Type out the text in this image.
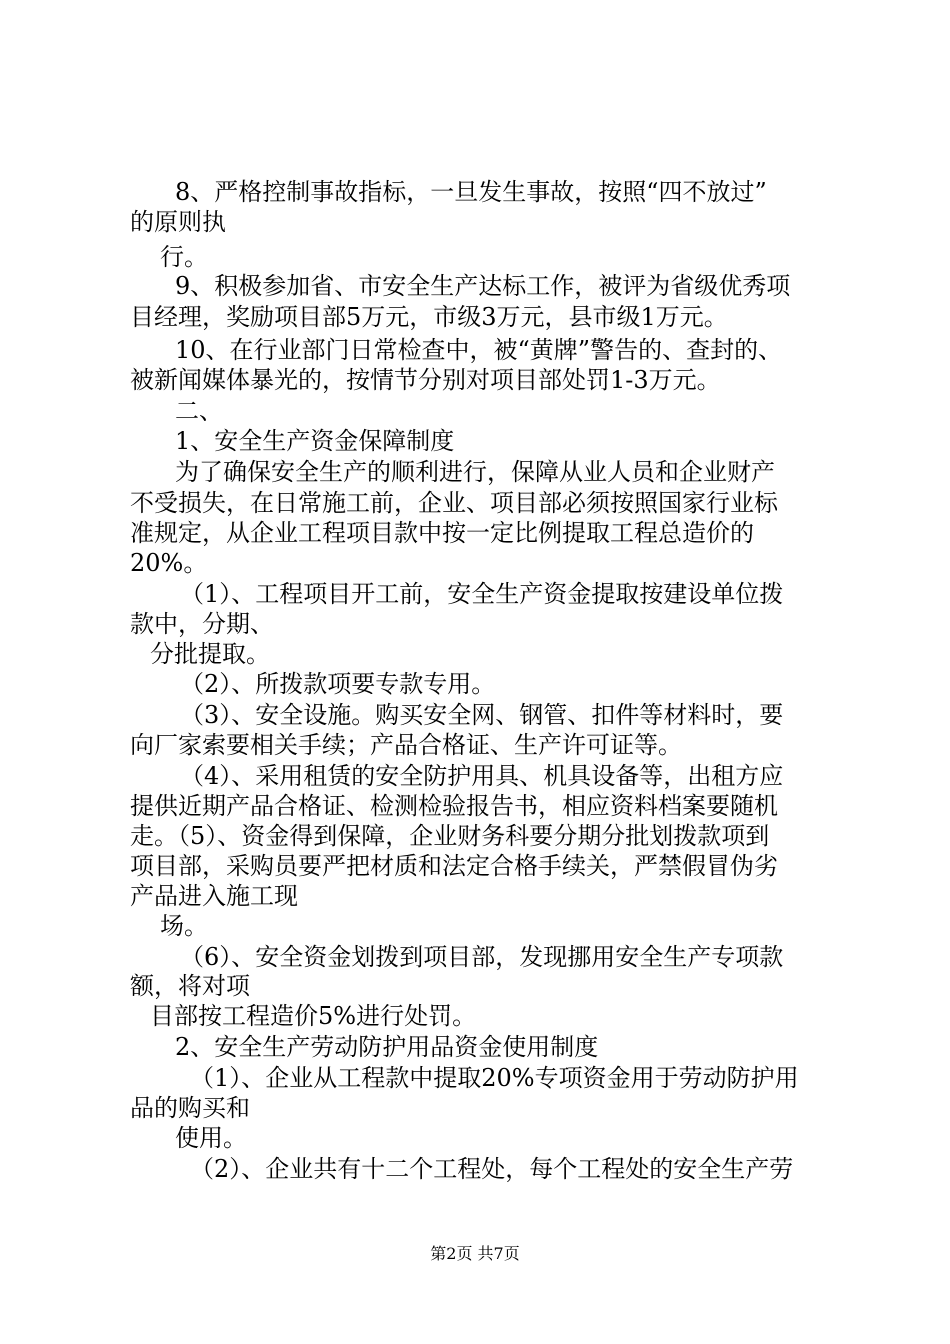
8、严格控制事故指标，一旦发生事故，按照“四不放过”
的原则执
行。
9、积极参加省、市安全生产达标工作，被评为省级优秀项
目经理，奖励项目部5万元，市级3万元，县市级1万元。
10、在行业部门日常检查中，被“黄牌”警告的、查封的、
被新闻媒体暴光的，按情节分别对项目部处罚1-3万元。
二、
1、安全生产资金保障制度
为了确保安全生产的顺利进行，保障从业人员和企业财产
不受损失，在日常施工前，企业、项目部必须按照国家行业标
准规定，从企业工程项目款中按一定比例提取工程总造价的
20%。
（1）、工程项目开工前，安全生产资金提取按建设单位拨
款中，分期、
分批提取。
（2）、所拨款项要专款专用。
（3）、安全设施。购买安全网、钢管、扣件等材料时，要
向厂家索要相关手续；产品合格证、生产许可证等。
（4）、采用租赁的安全防护用具、机具设备等，出租方应
提供近期产品合格证、检测检验报告书，相应资料档案要随机
走。（5）、资金得到保障，企业财务科要分期分批划拨款项到
项目部，采购员要严把材质和法定合格手续关，严禁假冒伪劣
产品进入施工现
场。
（6）、安全资金划拨到项目部，发现挪用安全生产专项款
额，将对项
目部按工程造价5%进行处罚。
2、安全生产劳动防护用品资金使用制度
（1）、企业从工程款中提取20%专项资金用于劳动防护用
品的购买和
使用。
（2）、企业共有十二个工程处，每个工程处的安全生产劳
第2页 共7页
